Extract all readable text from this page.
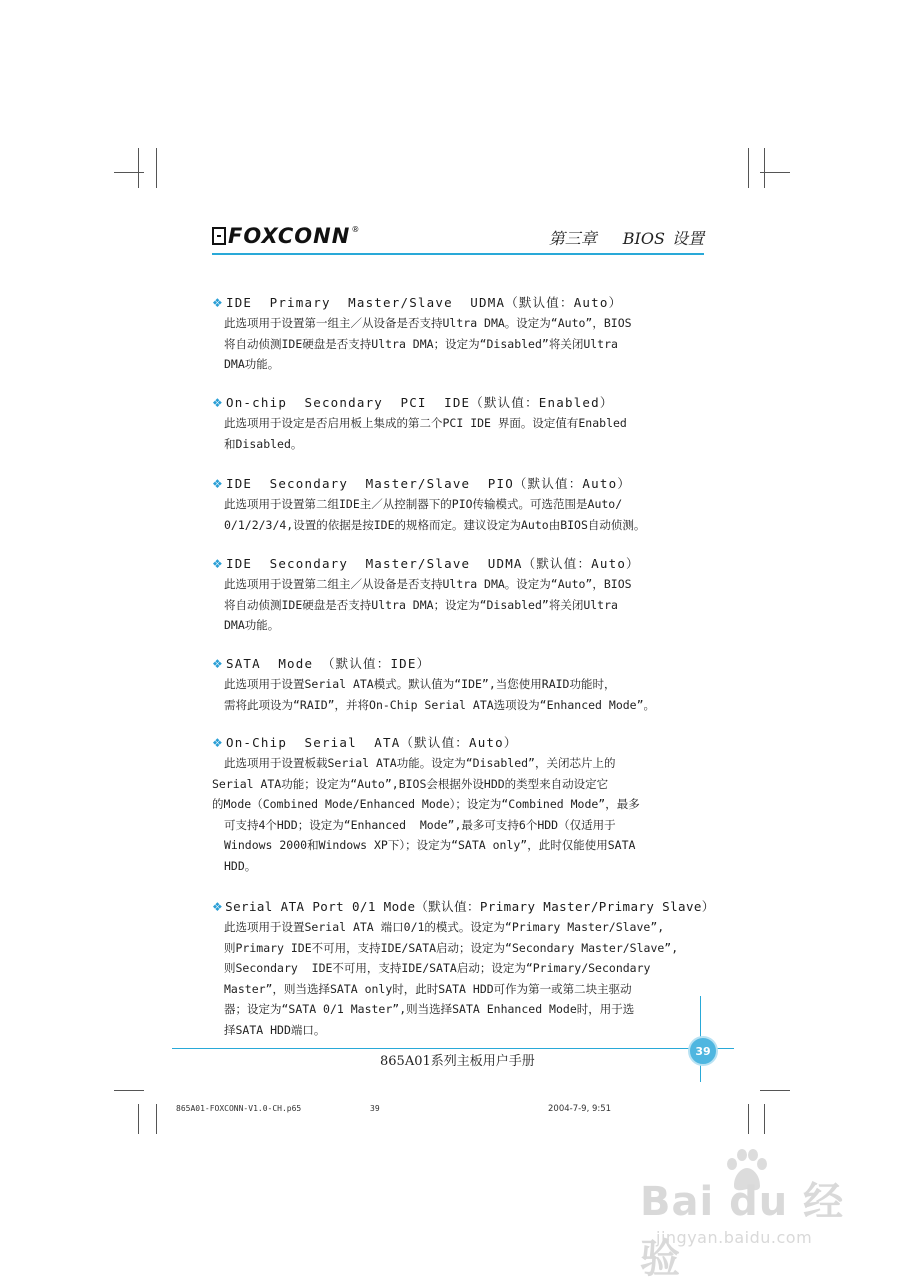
FOXCONN ®	第三章 BIOS 设置
❖ IDE  Primary  Master/Slave  UDMA（默认值：Auto）
此选项用于设置第一组主／从设备是否支持Ultra DMA。设定为“Auto”，BIOS
将自动侦测IDE硬盘是否支持Ultra DMA；设定为“Disabled”将关闭Ultra
DMA功能。
❖ On-chip  Secondary  PCI  IDE（默认值：Enabled）
此选项用于设定是否启用板上集成的第二个PCI IDE 界面。设定值有Enabled
和Disabled。
❖ IDE  Secondary  Master/Slave  PIO（默认值：Auto）
此选项用于设置第二组IDE主／从控制器下的PIO传输模式。可选范围是Auto/
0/1/2/3/4,设置的依据是按IDE的规格而定。建议设定为Auto由BIOS自动侦测。
❖ IDE  Secondary  Master/Slave  UDMA（默认值：Auto）
此选项用于设置第二组主／从设备是否支持Ultra DMA。设定为“Auto”，BIOS
将自动侦测IDE硬盘是否支持Ultra DMA；设定为“Disabled”将关闭Ultra
DMA功能。
❖ SATA  Mode （默认值：IDE）
此选项用于设置Serial ATA模式。默认值为“IDE”,当您使用RAID功能时，
需将此项设为“RAID”，并将On-Chip Serial ATA选项设为“Enhanced Mode”。
❖ On-Chip  Serial  ATA（默认值：Auto）
此选项用于设置板载Serial ATA功能。设定为“Disabled”，关闭芯片上的
Serial ATA功能；设定为“Auto”,BIOS会根据外设HDD的类型来自动设定它
的Mode（Combined Mode/Enhanced Mode）；设定为“Combined Mode”，最多
可支持4个HDD；设定为“Enhanced  Mode”,最多可支持6个HDD（仅适用于
Windows 2000和Windows XP下）；设定为“SATA only”，此时仅能使用SATA
HDD。
❖ Serial ATA Port 0/1 Mode（默认值：Primary Master/Primary Slave）
此选项用于设置Serial ATA 端口0/1的模式。设定为“Primary Master/Slave”,
则Primary IDE不可用，支持IDE/SATA启动；设定为“Secondary Master/Slave”,
则Secondary  IDE不可用，支持IDE/SATA启动；设定为“Primary/Secondary
Master”，则当选择SATA only时，此时SATA HDD可作为第一或第二块主驱动
器；设定为“SATA 0/1 Master”,则当选择SATA Enhanced Mode时，用于选
择SATA HDD端口。
39
865A01系列主板用户手册
865A01-FOXCONN-V1.0-CH.p65	39	2004-7-9, 9:51
Bai du 经验
jingyan.baidu.com
